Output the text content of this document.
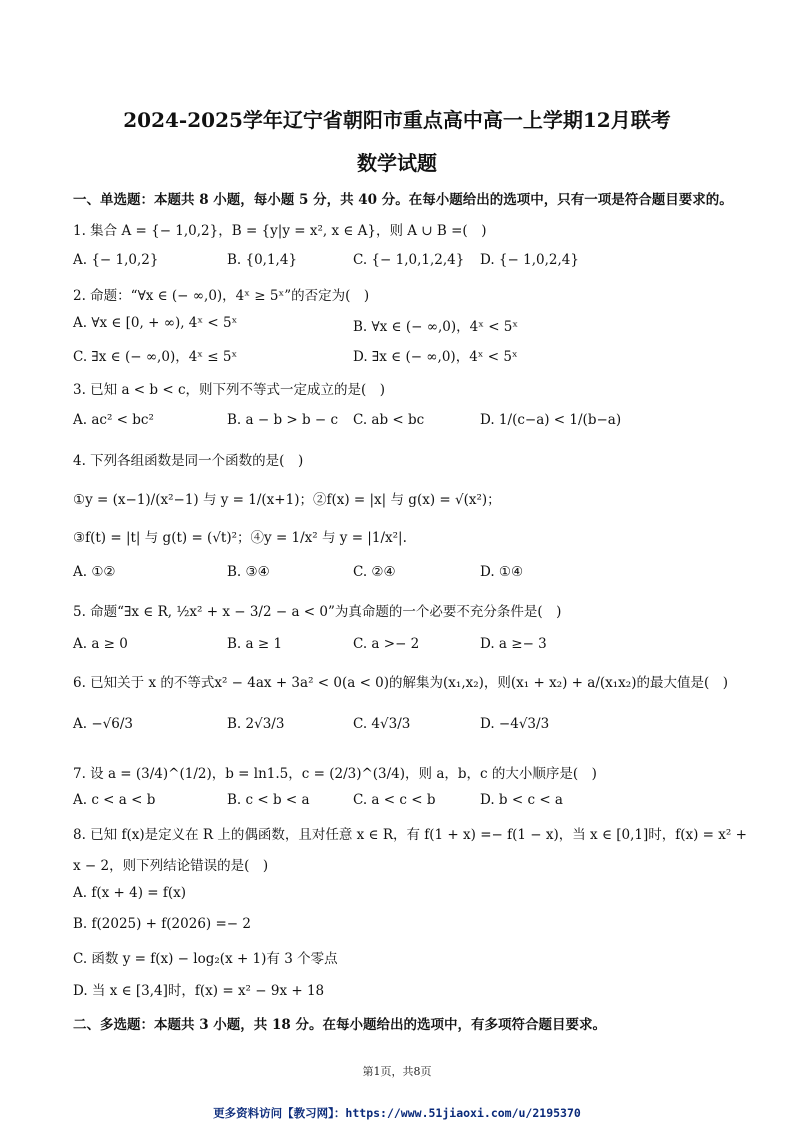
2024-2025学年辽宁省朝阳市重点高中高一上学期12月联考
数学试题
一、单选题：本题共 8 小题，每小题 5 分，共 40 分。在每小题给出的选项中，只有一项是符合题目要求的。
1. 集合 A = {− 1,0,2}，B = {y|y = x², x ∈ A}，则 A ∪ B =(　)
A. {− 1,0,2}	B. {0,1,4}	C. {− 1,0,1,2,4} D. {− 1,0,2,4}
2. 命题：“∀x ∈ (− ∞,0)，4ˣ ≥ 5ˣ”的否定为(　)
A. ∀x ∈ [0, + ∞), 4ˣ < 5ˣ	B. ∀x ∈ (− ∞,0)，4ˣ < 5ˣ
C. ∃x ∈ (− ∞,0)，4ˣ ≤ 5ˣ	D. ∃x ∈ (− ∞,0)，4ˣ < 5ˣ
3. 已知 a < b < c，则下列不等式一定成立的是(　)
A. ac² < bc²	B. a − b > b − c C. ab < bc	D. 1/(c−a) < 1/(b−a)
4. 下列各组函数是同一个函数的是(　)
①y = (x−1)/(x²−1) 与 y = 1/(x+1)；②f(x) = |x| 与 g(x) = √(x²)；
③f(t) = |t| 与 g(t) = (√t)²；④y = 1/x² 与 y = |1/x²|.
A. ①②	B. ③④	C. ②④	D. ①④
5. 命题“∃x ∈ R, ½x² + x − 3/2 − a < 0”为真命题的一个必要不充分条件是(　)
A. a ≥ 0	B. a ≥ 1	C. a >− 2	D. a ≥− 3
6. 已知关于 x 的不等式x² − 4ax + 3a² < 0(a < 0)的解集为(x₁,x₂)，则(x₁ + x₂) + a/(x₁x₂)的最大值是(　)
A. −√6/3	B. 2√3/3	C. 4√3/3	D. −4√3/3
7. 设 a = (3/4)^(1/2)，b = ln1.5，c = (2/3)^(3/4)，则 a，b，c 的大小顺序是(　)
A. c < a < b	B. c < b < a	C. a < c < b	D. b < c < a
8. 已知 f(x)是定义在 R 上的偶函数，且对任意 x ∈ R，有 f(1 + x) =− f(1 − x)，当 x ∈ [0,1]时，f(x) = x² +
x − 2，则下列结论错误的是(　)
A. f(x + 4) = f(x)
B. f(2025) + f(2026) =− 2
C. 函数 y = f(x) − log₂(x + 1)有 3 个零点
D. 当 x ∈ [3,4]时，f(x) = x² − 9x + 18
二、多选题：本题共 3 小题，共 18 分。在每小题给出的选项中，有多项符合题目要求。
第1页，共8页
更多资料访问【教习网】：https://www.51jiaoxi.com/u/2195370
